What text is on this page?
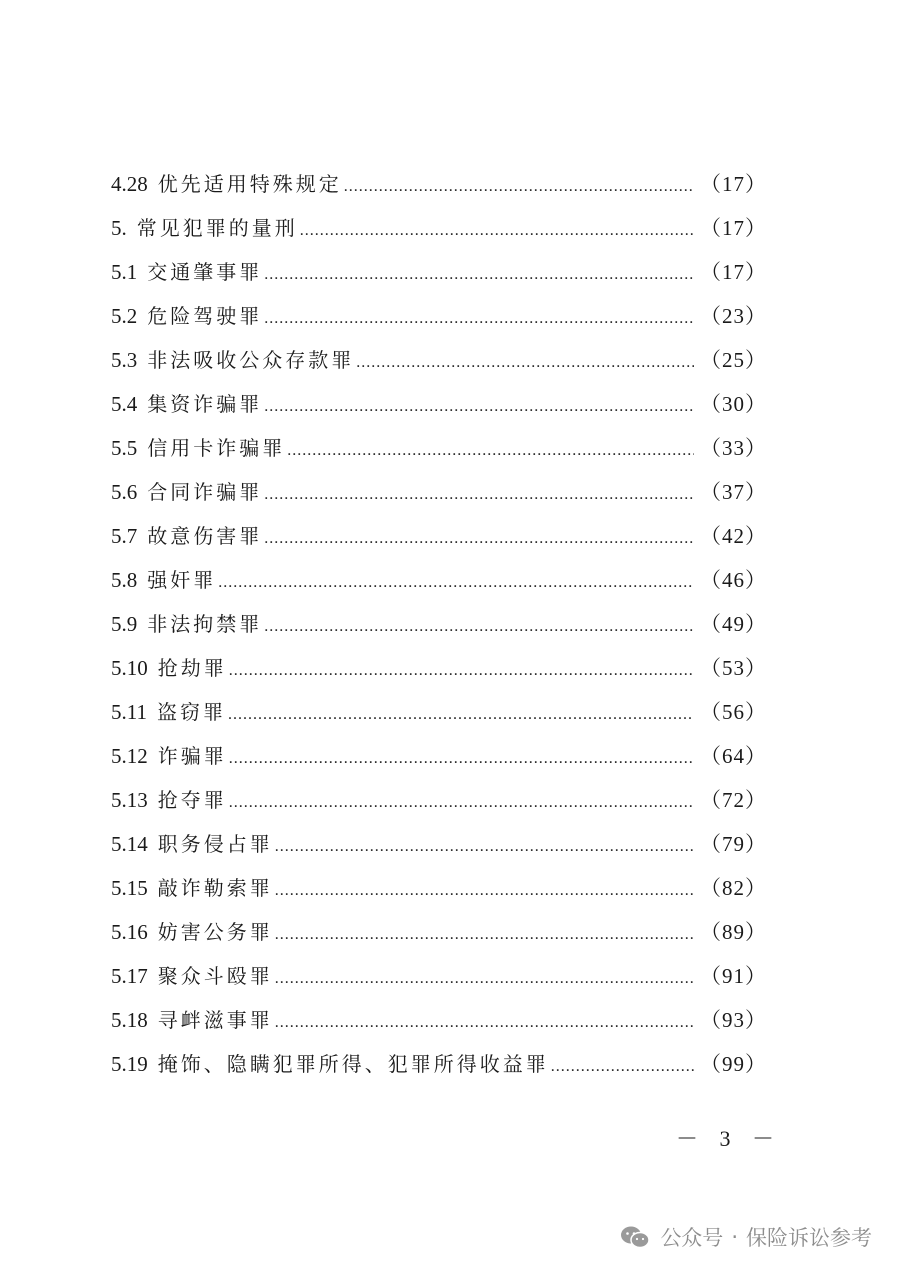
4.28 优先适用特殊规定 .....	（17）
5. 常见犯罪的量刑 .....	（17）
5.1 交通肇事罪 .....	（17）
5.2 危险驾驶罪 .....	（23）
5.3 非法吸收公众存款罪 .....	（25）
5.4 集资诈骗罪 .....	（30）
5.5 信用卡诈骗罪 .....	（33）
5.6 合同诈骗罪 .....	（37）
5.7 故意伤害罪 .....	（42）
5.8 强奸罪 .....	（46）
5.9 非法拘禁罪 .....	（49）
5.10 抢劫罪 .....	（53）
5.11 盗窃罪 .....	（56）
5.12 诈骗罪 .....	（64）
5.13 抢夺罪 .....	（72）
5.14 职务侵占罪 .....	（79）
5.15 敲诈勒索罪 .....	（82）
5.16 妨害公务罪 .....	（89）
5.17 聚众斗殴罪 .....	（91）
5.18 寻衅滋事罪 .....	（93）
5.19 掩饰、隐瞒犯罪所得、犯罪所得收益罪 .....	（99）
－ 3 －
公众号 · 保险诉讼参考
